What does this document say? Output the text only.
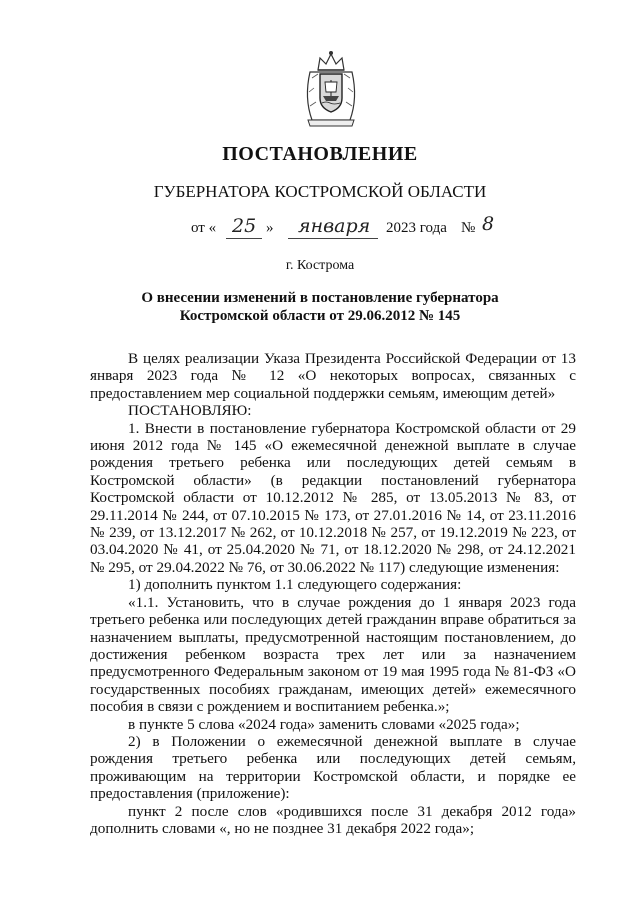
ПОСТАНОВЛЕНИЕ
ГУБЕРНАТОРА КОСТРОМСКОЙ ОБЛАСТИ
от « 25 » января 2023 года № 8
г. Кострома
О внесении изменений в постановление губернатора
Костромской области от 29.06.2012 № 145

В целях реализации Указа Президента Российской Федерации от 13 января 2023 года № 12 «О некоторых вопросах, связанных с предоставлением мер социальной поддержки семьям, имеющим детей»

ПОСТАНОВЛЯЮ:

1. Внести в постановление губернатора Костромской области от 29 июня 2012 года № 145 «О ежемесячной денежной выплате в случае рождения третьего ребенка или последующих детей семьям в Костромской области» (в редакции постановлений губернатора Костромской области от 10.12.2012 № 285, от 13.05.2013 № 83, от 29.11.2014 № 244, от 07.10.2015 № 173, от 27.01.2016 № 14, от 23.11.2016 № 239, от 13.12.2017 № 262, от 10.12.2018 № 257, от 19.12.2019 № 223, от 03.04.2020 № 41, от 25.04.2020 № 71, от 18.12.2020 № 298, от 24.12.2021 № 295, от 29.04.2022 № 76, от 30.06.2022 № 117) следующие изменения:

1) дополнить пунктом 1.1 следующего содержания:

«1.1. Установить, что в случае рождения до 1 января 2023 года третьего ребенка или последующих детей гражданин вправе обратиться за назначением выплаты, предусмотренной настоящим постановлением, до достижения ребенком возраста трех лет или за назначением предусмотренного Федеральным законом от 19 мая 1995 года № 81-ФЗ «О государственных пособиях гражданам, имеющих детей» ежемесячного пособия в связи с рождением и воспитанием ребенка.»;

в пункте 5 слова «2024 года» заменить словами «2025 года»;

2) в Положении о ежемесячной денежной выплате в случае рождения третьего ребенка или последующих детей семьям, проживающим на территории Костромской области, и порядке ее предоставления (приложение):

пункт 2 после слов «родившихся после 31 декабря 2012 года» дополнить словами «, но не позднее 31 декабря 2022 года»;
